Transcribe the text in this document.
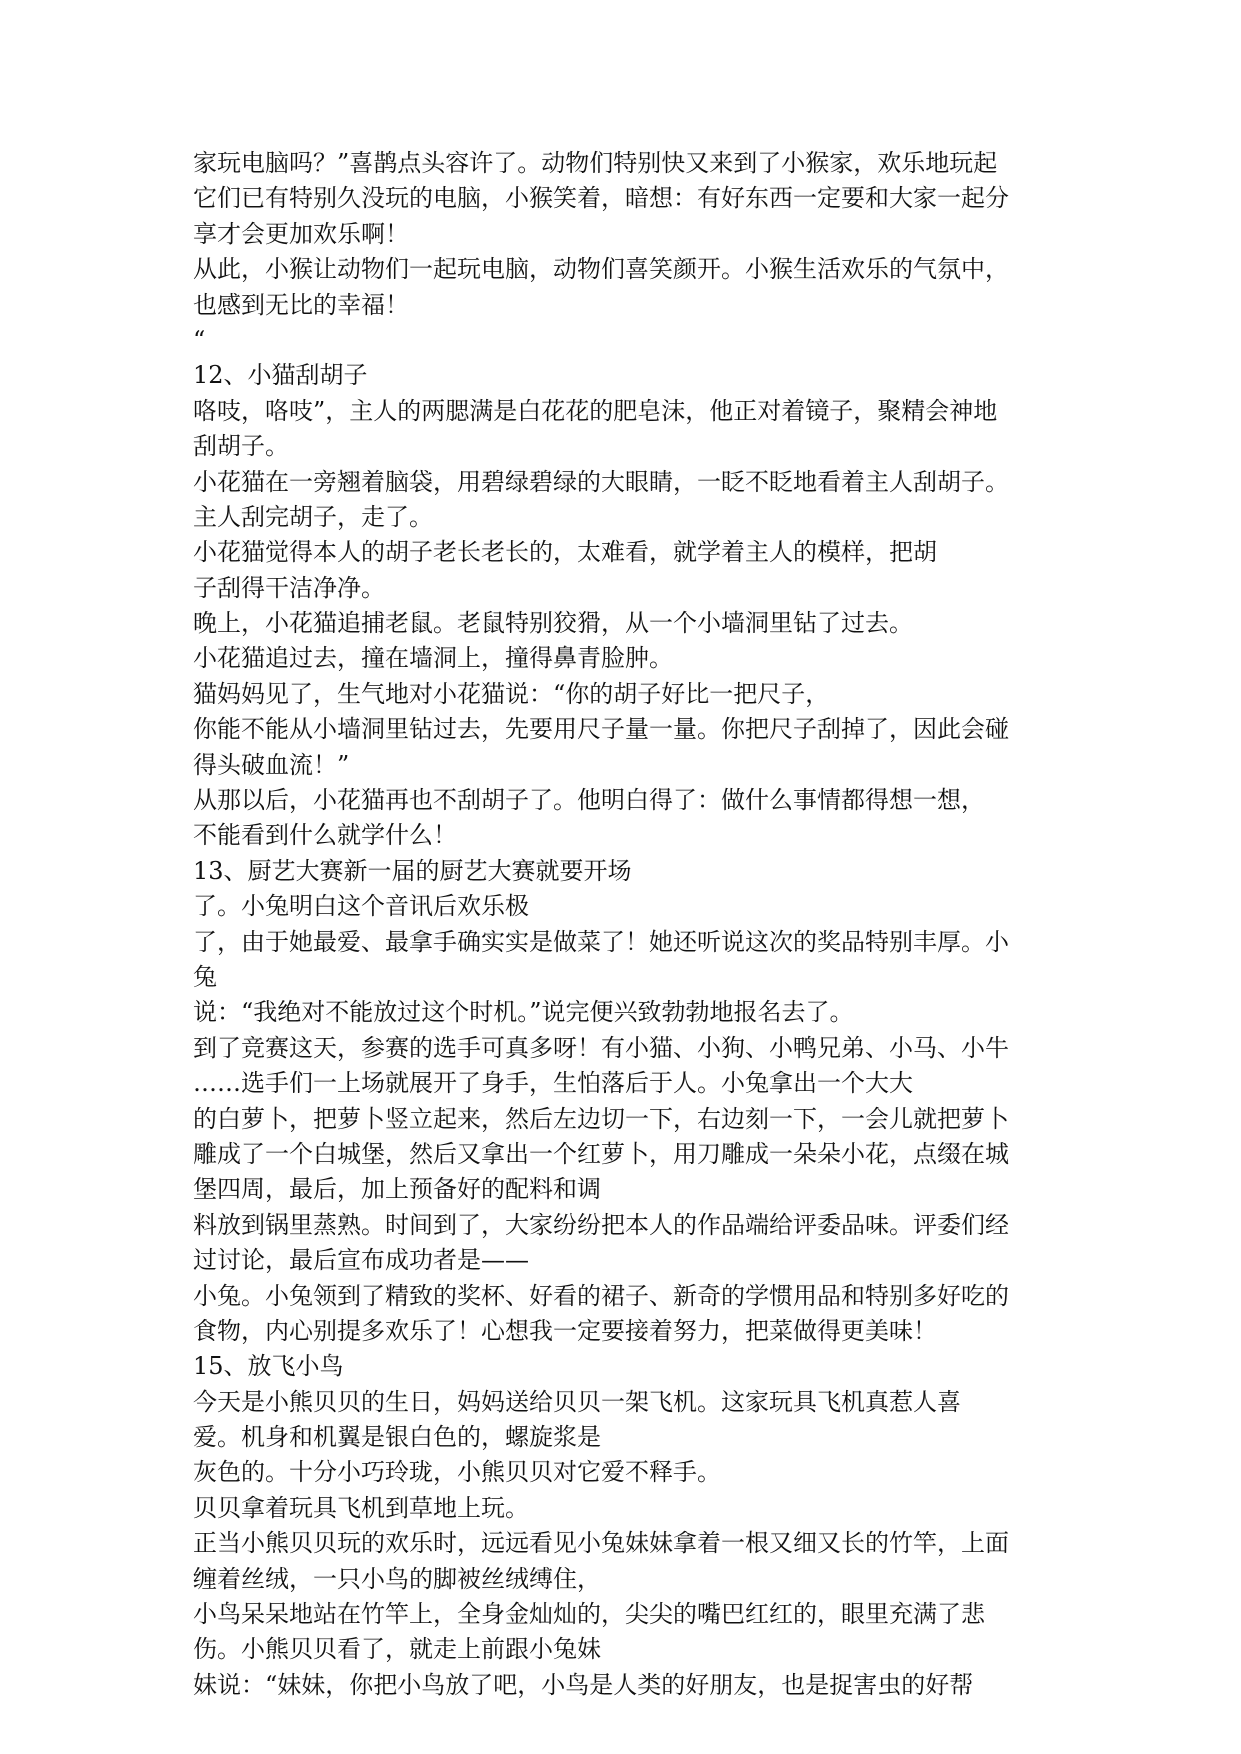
家玩电脑吗？”喜鹊点头容许了。动物们特别快又来到了小猴家，欢乐地玩起
它们已有特别久没玩的电脑，小猴笑着，暗想：有好东西一定要和大家一起分
享才会更加欢乐啊！
从此，小猴让动物们一起玩电脑，动物们喜笑颜开。小猴生活欢乐的气氛中，
也感到无比的幸福！
“
12、小猫刮胡子
咯吱，咯吱”，主人的两腮满是白花花的肥皂沫，他正对着镜子，聚精会神地
刮胡子。
小花猫在一旁翘着脑袋，用碧绿碧绿的大眼睛，一眨不眨地看着主人刮胡子。
主人刮完胡子，走了。
小花猫觉得本人的胡子老长老长的，太难看，就学着主人的模样，把胡
子刮得干洁净净。
晚上，小花猫追捕老鼠。老鼠特别狡猾，从一个小墙洞里钻了过去。
小花猫追过去，撞在墙洞上，撞得鼻青脸肿。
猫妈妈见了，生气地对小花猫说：“你的胡子好比一把尺子，
你能不能从小墙洞里钻过去，先要用尺子量一量。你把尺子刮掉了，因此会碰
得头破血流！”
从那以后，小花猫再也不刮胡子了。他明白得了：做什么事情都得想一想，
不能看到什么就学什么！
13、厨艺大赛新一届的厨艺大赛就要开场
了。小兔明白这个音讯后欢乐极
了，由于她最爱、最拿手确实实是做菜了！她还听说这次的奖品特别丰厚。小
兔
说：“我绝对不能放过这个时机。”说完便兴致勃勃地报名去了。
到了竞赛这天，参赛的选手可真多呀！有小猫、小狗、小鸭兄弟、小马、小牛
……选手们一上场就展开了身手，生怕落后于人。小兔拿出一个大大
的白萝卜，把萝卜竖立起来，然后左边切一下，右边刻一下，一会儿就把萝卜
雕成了一个白城堡，然后又拿出一个红萝卜，用刀雕成一朵朵小花，点缀在城
堡四周，最后，加上预备好的配料和调
料放到锅里蒸熟。时间到了，大家纷纷把本人的作品端给评委品味。评委们经
过讨论，最后宣布成功者是——
小兔。小兔领到了精致的奖杯、好看的裙子、新奇的学惯用品和特别多好吃的
食物，内心别提多欢乐了！心想我一定要接着努力，把菜做得更美味！
15、放飞小鸟
今天是小熊贝贝的生日，妈妈送给贝贝一架飞机。这家玩具飞机真惹人喜
爱。机身和机翼是银白色的，螺旋浆是
灰色的。十分小巧玲珑，小熊贝贝对它爱不释手。
贝贝拿着玩具飞机到草地上玩。
正当小熊贝贝玩的欢乐时，远远看见小兔妹妹拿着一根又细又长的竹竿，上面
缠着丝绒，一只小鸟的脚被丝绒缚住，
小鸟呆呆地站在竹竿上，全身金灿灿的，尖尖的嘴巴红红的，眼里充满了悲
伤。小熊贝贝看了，就走上前跟小兔妹
妹说：“妹妹，你把小鸟放了吧，小鸟是人类的好朋友，也是捉害虫的好帮
